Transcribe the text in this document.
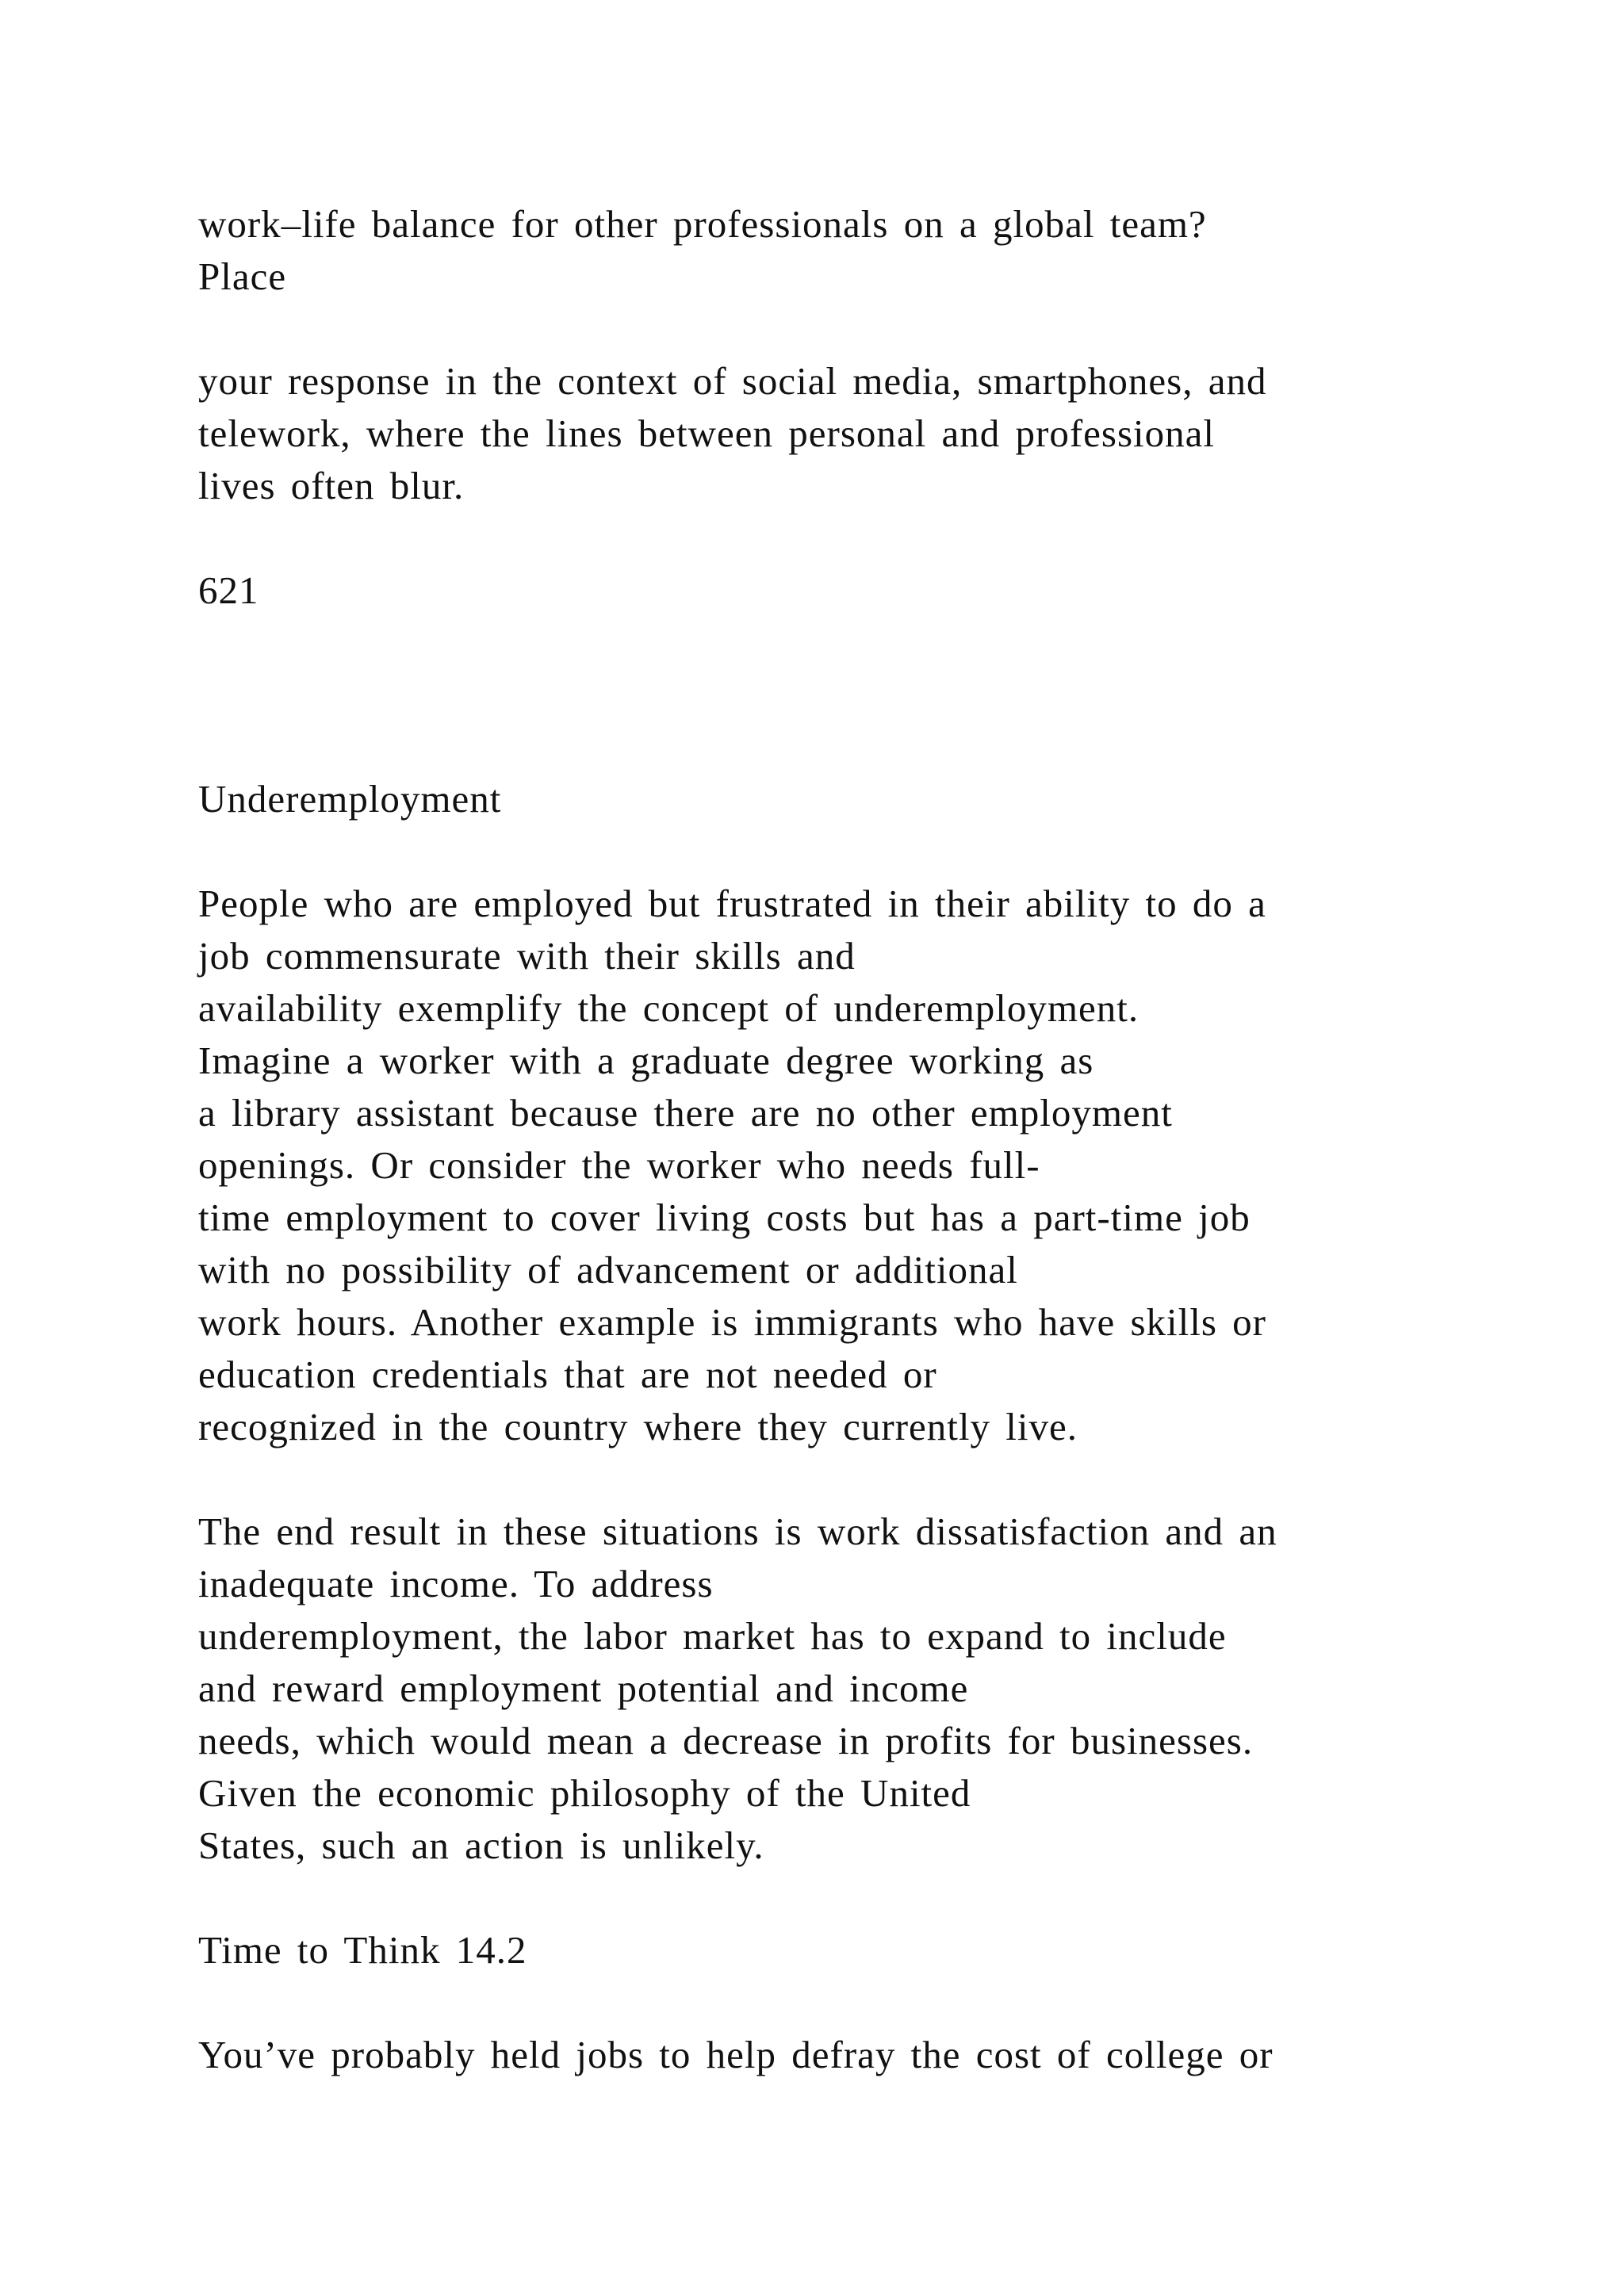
work–life balance for other professionals on a global team?
Place
your response in the context of social media, smartphones, and
telework, where the lines between personal and professional
lives often blur.
621
Underemployment
People who are employed but frustrated in their ability to do a
job commensurate with their skills and
availability exemplify the concept of underemployment.
Imagine a worker with a graduate degree working as
a library assistant because there are no other employment
openings. Or consider the worker who needs full-
time employment to cover living costs but has a part-time job
with no possibility of advancement or additional
work hours. Another example is immigrants who have skills or
education credentials that are not needed or
recognized in the country where they currently live.
The end result in these situations is work dissatisfaction and an
inadequate income. To address
underemployment, the labor market has to expand to include
and reward employment potential and income
needs, which would mean a decrease in profits for businesses.
Given the economic philosophy of the United
States, such an action is unlikely.
Time to Think 14.2
You’ve probably held jobs to help defray the cost of college or
